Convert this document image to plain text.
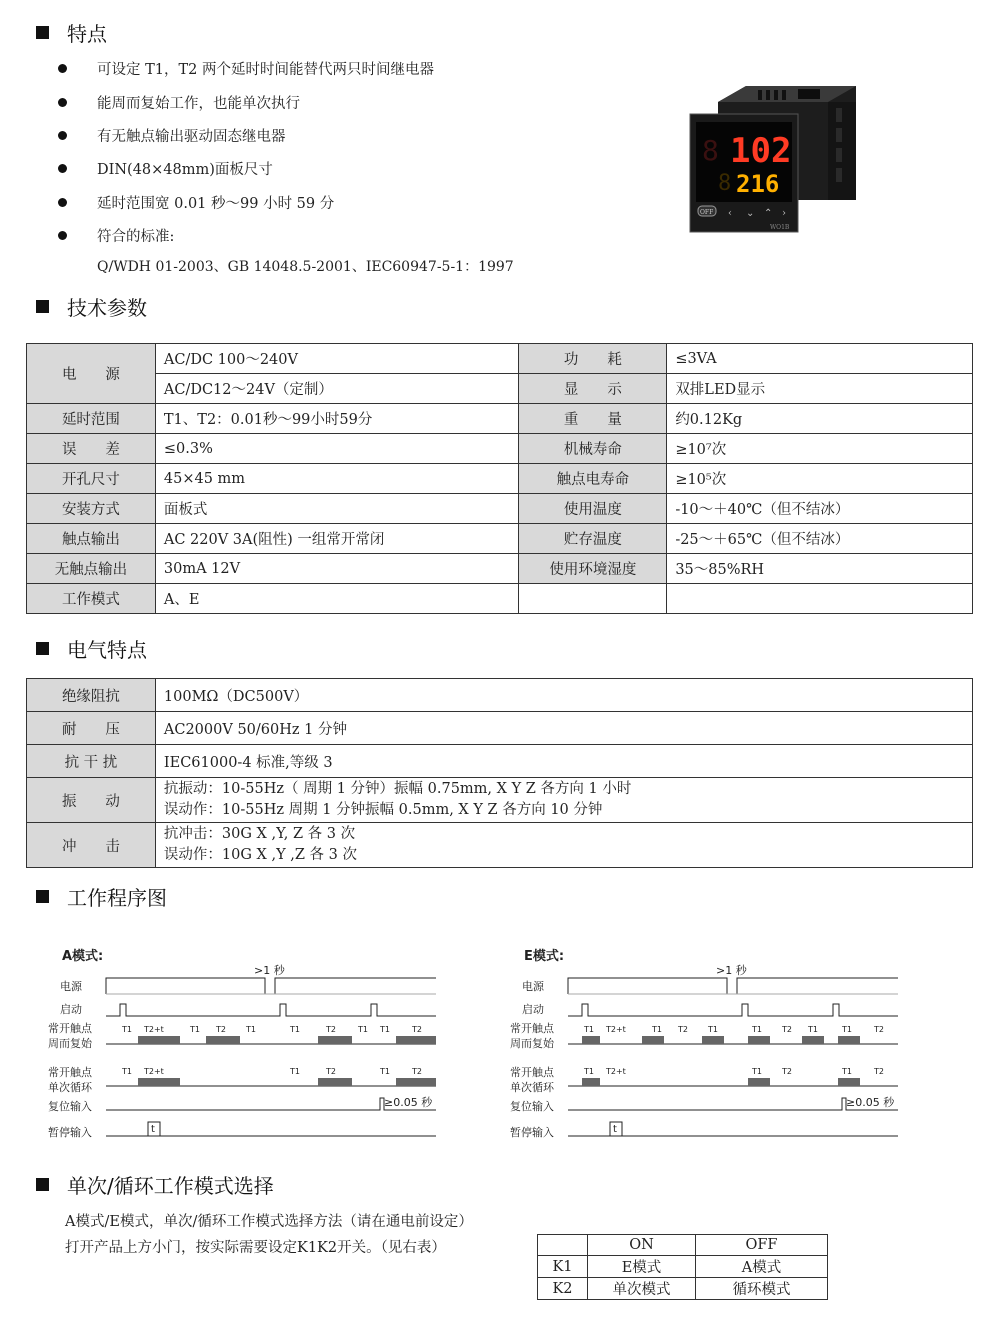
特点
可设定 T1，T2 两个延时时间能替代两只时间继电器
能周而复始工作，也能单次执行
有无触点输出驱动固态继电器
DIN(48×48mm)面板尺寸
延时范围宽 0.01 秒～99 小时 59 分
符合的标准:
Q/WDH 01-2003、GB 14048.5-2001、IEC60947-5-1：1997
102
216
8
8
OFF ‹ ⌄ ⌃ ›
WO1B
技术参数
电　　源	AC/DC 100～240V	功　　耗	≤3VA
	AC/DC12～24V（定制）	显　　示	双排LED显示
延时范围	T1、T2：0.01秒～99小时59分	重　　量	约0.12Kg
误　　差	≤0.3%	机械寿命	≥10⁷次
开孔尺寸	45×45 mm	触点电寿命	≥10⁵次
安装方式	面板式	使用温度	-10～＋40℃（但不结冰）
触点输出	AC 220V 3A(阻性) 一组常开常闭	贮存温度	-25～＋65℃（但不结冰）
无触点输出	30mA 12V	使用环境湿度	35～85%RH
工作模式	A、E		
电气特点
绝缘阻抗	100MΩ（DC500V）
耐　　压	AC2000V 50/60Hz 1 分钟
抗 干 扰	IEC61000-4 标准,等级 3
振　　动	抗振动：10-55Hz（ 周期 1 分钟）振幅 0.75mm, X Y Z 各方向 1 小时
误动作：10-55Hz 周期 1 分钟振幅 0.5mm, X Y Z 各方向 10 分钟

冲　　击	抗冲击：30G X ,Y, Z 各 3 次
误动作：10G X ,Y ,Z 各 3 次
工作程序图
A模式:
电源
启动
常开触点
周而复始
常开触点
单次循环
复位输入
暂停输入
T1 T2+t	T1 T2	T1	T1	T2	T1 T1	T2
T1 T2+t	T1	T2	T1	T2
>1 秒
≥0.05 秒
t
E模式:
电源
启动
常开触点
周而复始
常开触点
单次循环
复位输入
暂停输入
T1 T2+t	T1 T2	T1	T1	T2 T1	T1	T2
T1 T2+t	T1	T2	T1	T2
>1 秒
≥0.05 秒
t
单次/循环工作模式选择
A模式/E模式，单次/循环工作模式选择方法（请在通电前设定）
打开产品上方小门，按实际需要设定K1K2开关。（见右表）
		ON	OFF
K1	E模式	A模式
K2	单次模式	循环模式
